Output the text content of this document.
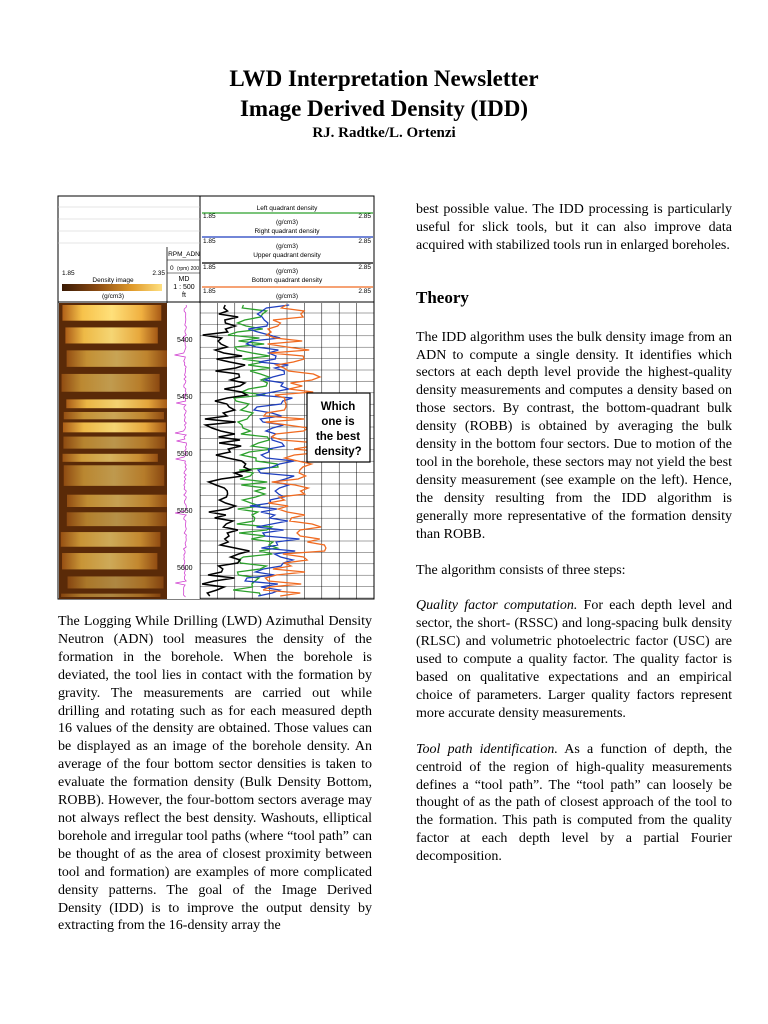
LWD Interpretation Newsletter
Image Derived Density (IDD)
RJ. Radtke/L. Ortenzi
Left quadrant density
1.85	2.85
(g/cm3)
Right quadrant density
1.85	2.85
(g/cm3)
Upper quadrant density
1.85	2.85
(g/cm3)
Bottom quadrant density
1.85	2.85
(g/cm3)
RPM_ADN
0 (rpm) 200
MD
1 : 500
ft
1.85	2.35
Density image
(g/cm3)
5400
5450
5500
5550
5600
Which
one is
the best
density?

The Logging While Drilling (LWD) Azimuthal Density Neutron (ADN) tool measures the density of the formation in the borehole. When the borehole is deviated, the tool lies in contact with the formation by gravity. The measurements are carried out while drilling and rotating such as for each measured depth 16 values of the density are obtained. Those values can be displayed as an image of the borehole density. An average of the four bottom sector densities is taken to evaluate the formation density (Bulk Density Bottom, ROBB). However, the four-bottom sectors average may not always reflect the best density. Washouts, elliptical borehole and irregular tool paths (where “tool path” can be thought of as the area of closest proximity between tool and formation) are examples of more complicated density patterns. The goal of the Image Derived Density (IDD) is to improve the output density by extracting from the 16-density array the

best possible value. The IDD processing is particularly useful for slick tools, but it can also improve data acquired with stabilized tools run in enlarged boreholes.

Theory

The IDD algorithm uses the bulk density image from an ADN to compute a single density. It identifies which sectors at each depth level provide the highest-quality density measurements and computes a density based on those sectors. By contrast, the bottom-quadrant bulk density (ROBB) is obtained by averaging the bulk density in the bottom four sectors. Due to motion of the tool in the borehole, these sectors may not yield the best density measurement (see example on the left). Hence, the density resulting from the IDD algorithm is generally more representative of the formation density than ROBB.

The algorithm consists of three steps:

Quality factor computation. For each depth level and sector, the short- (RSSC) and long-spacing bulk density (RLSC) and volumetric photoelectric factor (USC) are used to compute a quality factor. The quality factor is based on qualitative expectations and an empirical choice of parameters. Larger quality factors represent more accurate density measurements.

Tool path identification. As a function of depth, the centroid of the region of high-quality measurements defines a “tool path”. The “tool path” can loosely be thought of as the path of closest approach of the tool to the formation. This path is computed from the quality factor at each depth level by a partial Fourier decomposition.
